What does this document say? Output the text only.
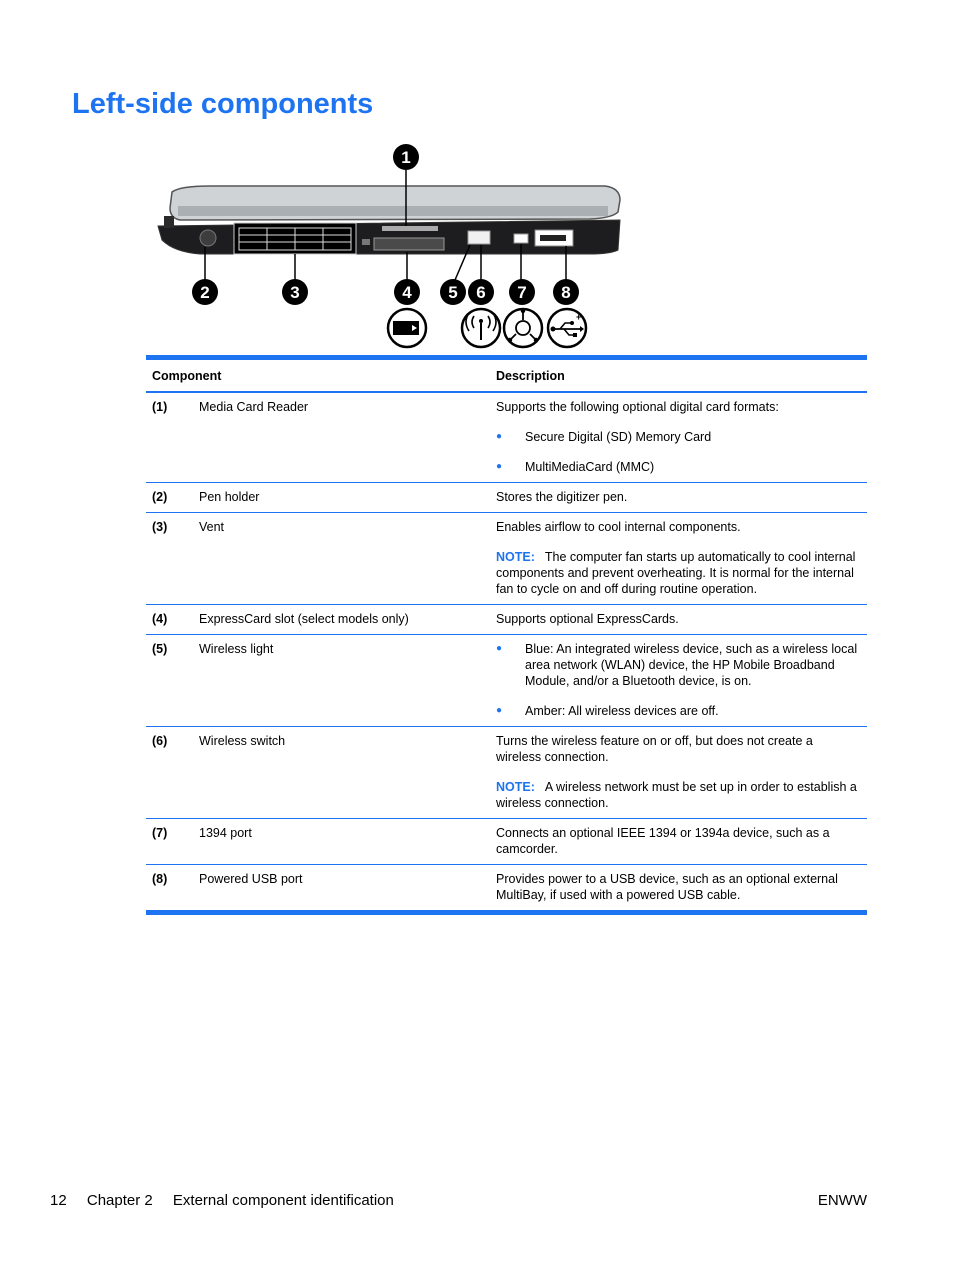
Left-side components
1
2	3	4 5 6 7 8
+
Component	Description
(1)	Media Card Reader	Supports the following optional digital card formats:

●	Secure Digital (SD) Memory Card
●	MultiMediaCard (MMC)
(2)	Pen holder	Stores the digitizer pen.

(3)	Vent	Enables airflow to cool internal components.

NOTE: The computer fan starts up automatically to cool internal components and prevent overheating. It is normal for the internal fan to cycle on and off during routine operation.

(4)	ExpressCard slot (select models only)	Supports optional ExpressCards.

(5)	Wireless light	●	Blue: An integrated wireless device, such as a wireless local area network (WLAN) device, the HP Mobile Broadband Module, and/or a Bluetooth device, is on.
●	Amber: All wireless devices are off.
(6)	Wireless switch	Turns the wireless feature on or off, but does not create a wireless connection.

NOTE: A wireless network must be set up in order to establish a wireless connection.

(7)	1394 port	Connects an optional IEEE 1394 or 1394a device, such as a camcorder.

(8)	Powered USB port	Provides power to a USB device, such as an optional external MultiBay, if used with a powered USB cable.

12 Chapter 2 External component identification	ENWW
